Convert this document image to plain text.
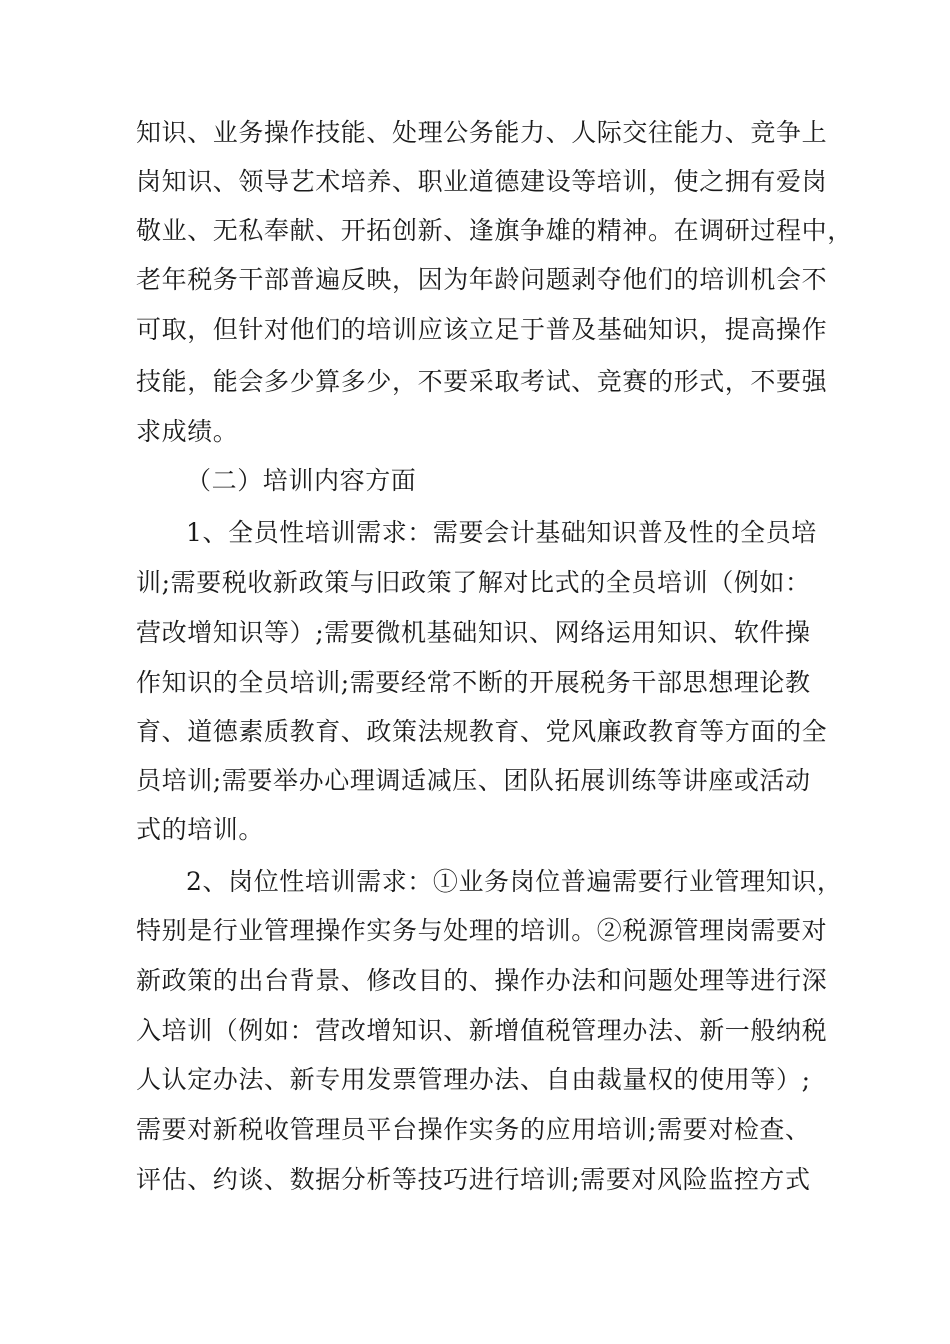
知识、业务操作技能、处理公务能力、人际交往能力、竞争上
岗知识、领导艺术培养、职业道德建设等培训，使之拥有爱岗
敬业、无私奉献、开拓创新、逢旗争雄的精神。在调研过程中，
老年税务干部普遍反映，因为年龄问题剥夺他们的培训机会不
可取，但针对他们的培训应该立足于普及基础知识，提高操作
技能，能会多少算多少，不要采取考试、竞赛的形式，不要强
求成绩。
（二）培训内容方面
1、全员性培训需求：需要会计基础知识普及性的全员培
训;需要税收新政策与旧政策了解对比式的全员培训（例如：
营改增知识等）;需要微机基础知识、网络运用知识、软件操
作知识的全员培训;需要经常不断的开展税务干部思想理论教
育、道德素质教育、政策法规教育、党风廉政教育等方面的全
员培训;需要举办心理调适减压、团队拓展训练等讲座或活动
式的培训。
2、岗位性培训需求：①业务岗位普遍需要行业管理知识，
特别是行业管理操作实务与处理的培训。②税源管理岗需要对
新政策的出台背景、修改目的、操作办法和问题处理等进行深
入培训（例如：营改增知识、新增值税管理办法、新一般纳税
人认定办法、新专用发票管理办法、自由裁量权的使用等）;
需要对新税收管理员平台操作实务的应用培训;需要对检查、
评估、约谈、数据分析等技巧进行培训;需要对风险监控方式
